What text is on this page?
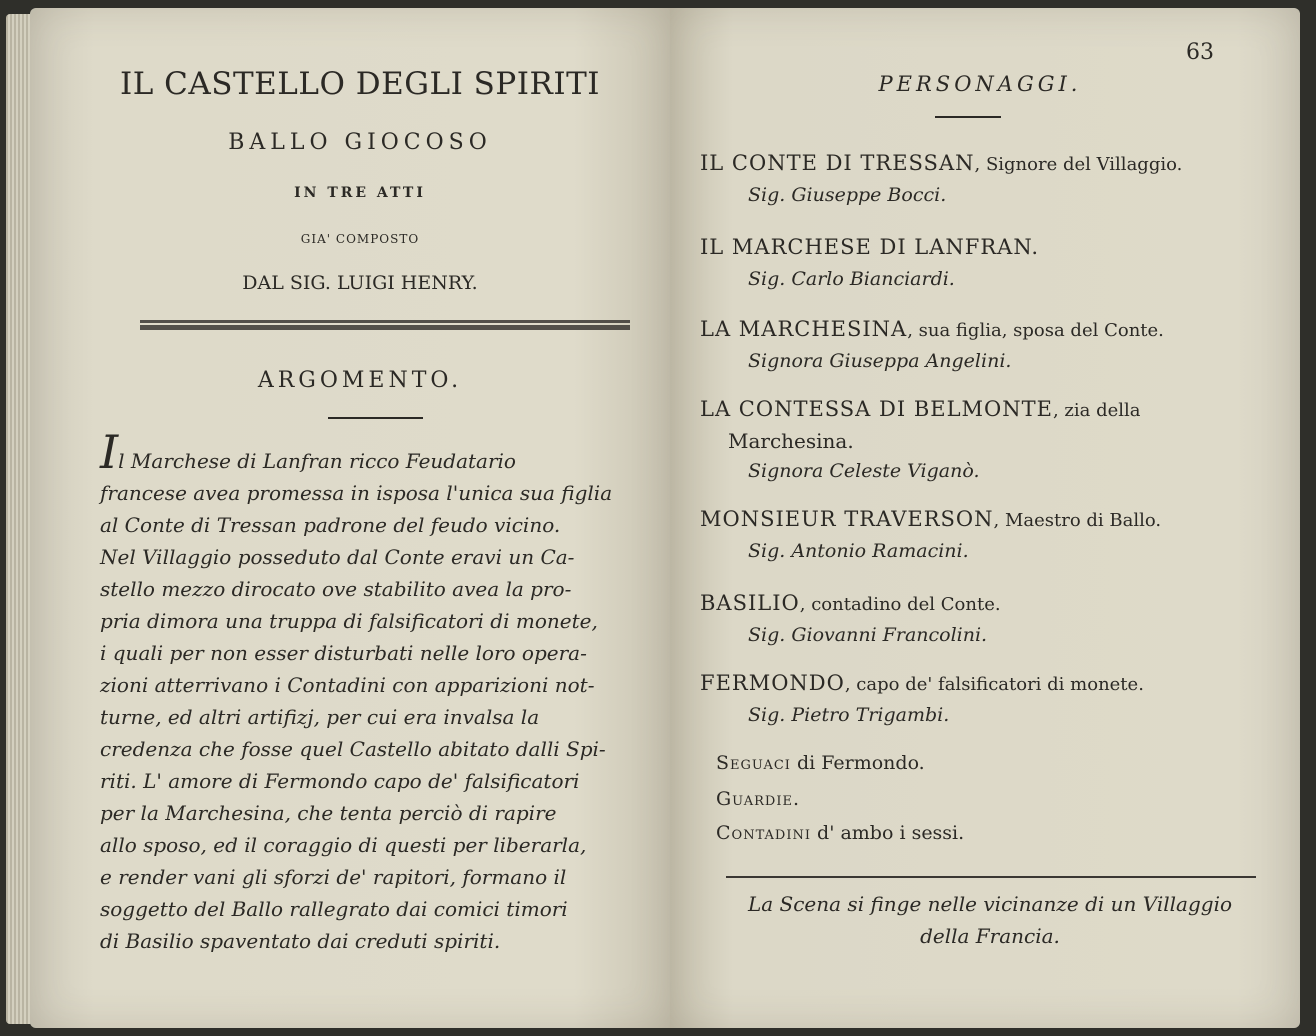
IL CASTELLO DEGLI SPIRITI
BALLO GIOCOSO
IN TRE ATTI
GIA' COMPOSTO
DAL SIG. LUIGI HENRY.
ARGOMENTO.
Il Marchese di Lanfran ricco Feudatario
francese avea promessa in isposa l'unica sua figlia
al Conte di Tressan padrone del feudo vicino.
Nel Villaggio posseduto dal Conte eravi un Ca-
stello mezzo dirocato ove stabilito avea la pro-
pria dimora una truppa di falsificatori di monete,
i quali per non esser disturbati nelle loro opera-
zioni atterrivano i Contadini con apparizioni not-
turne, ed altri artifizj, per cui era invalsa la
credenza che fosse quel Castello abitato dalli Spi-
riti. L' amore di Fermondo capo de' falsificatori
per la Marchesina, che tenta perciò di rapire
allo sposo, ed il coraggio di questi per liberarla,
e render vani gli sforzi de' rapitori, formano il
soggetto del Ballo rallegrato dai comici timori
di Basilio spaventato dai creduti spiriti.
63
PERSONAGGI.
IL CONTE DI TRESSAN, Signore del Villaggio.
Sig. Giuseppe Bocci.
IL MARCHESE DI LANFRAN.
Sig. Carlo Bianciardi.
LA MARCHESINA, sua figlia, sposa del Conte.
Signora Giuseppa Angelini.
LA CONTESSA DI BELMONTE, zia della
Marchesina.
Signora Celeste Viganò.
MONSIEUR TRAVERSON, Maestro di Ballo.
Sig. Antonio Ramacini.
BASILIO, contadino del Conte.
Sig. Giovanni Francolini.
FERMONDO, capo de' falsificatori di monete.
Sig. Pietro Trigambi.
Seguaci di Fermondo.
Guardie.
Contadini d' ambo i sessi.
La Scena si finge nelle vicinanze di un Villaggio
della Francia.
